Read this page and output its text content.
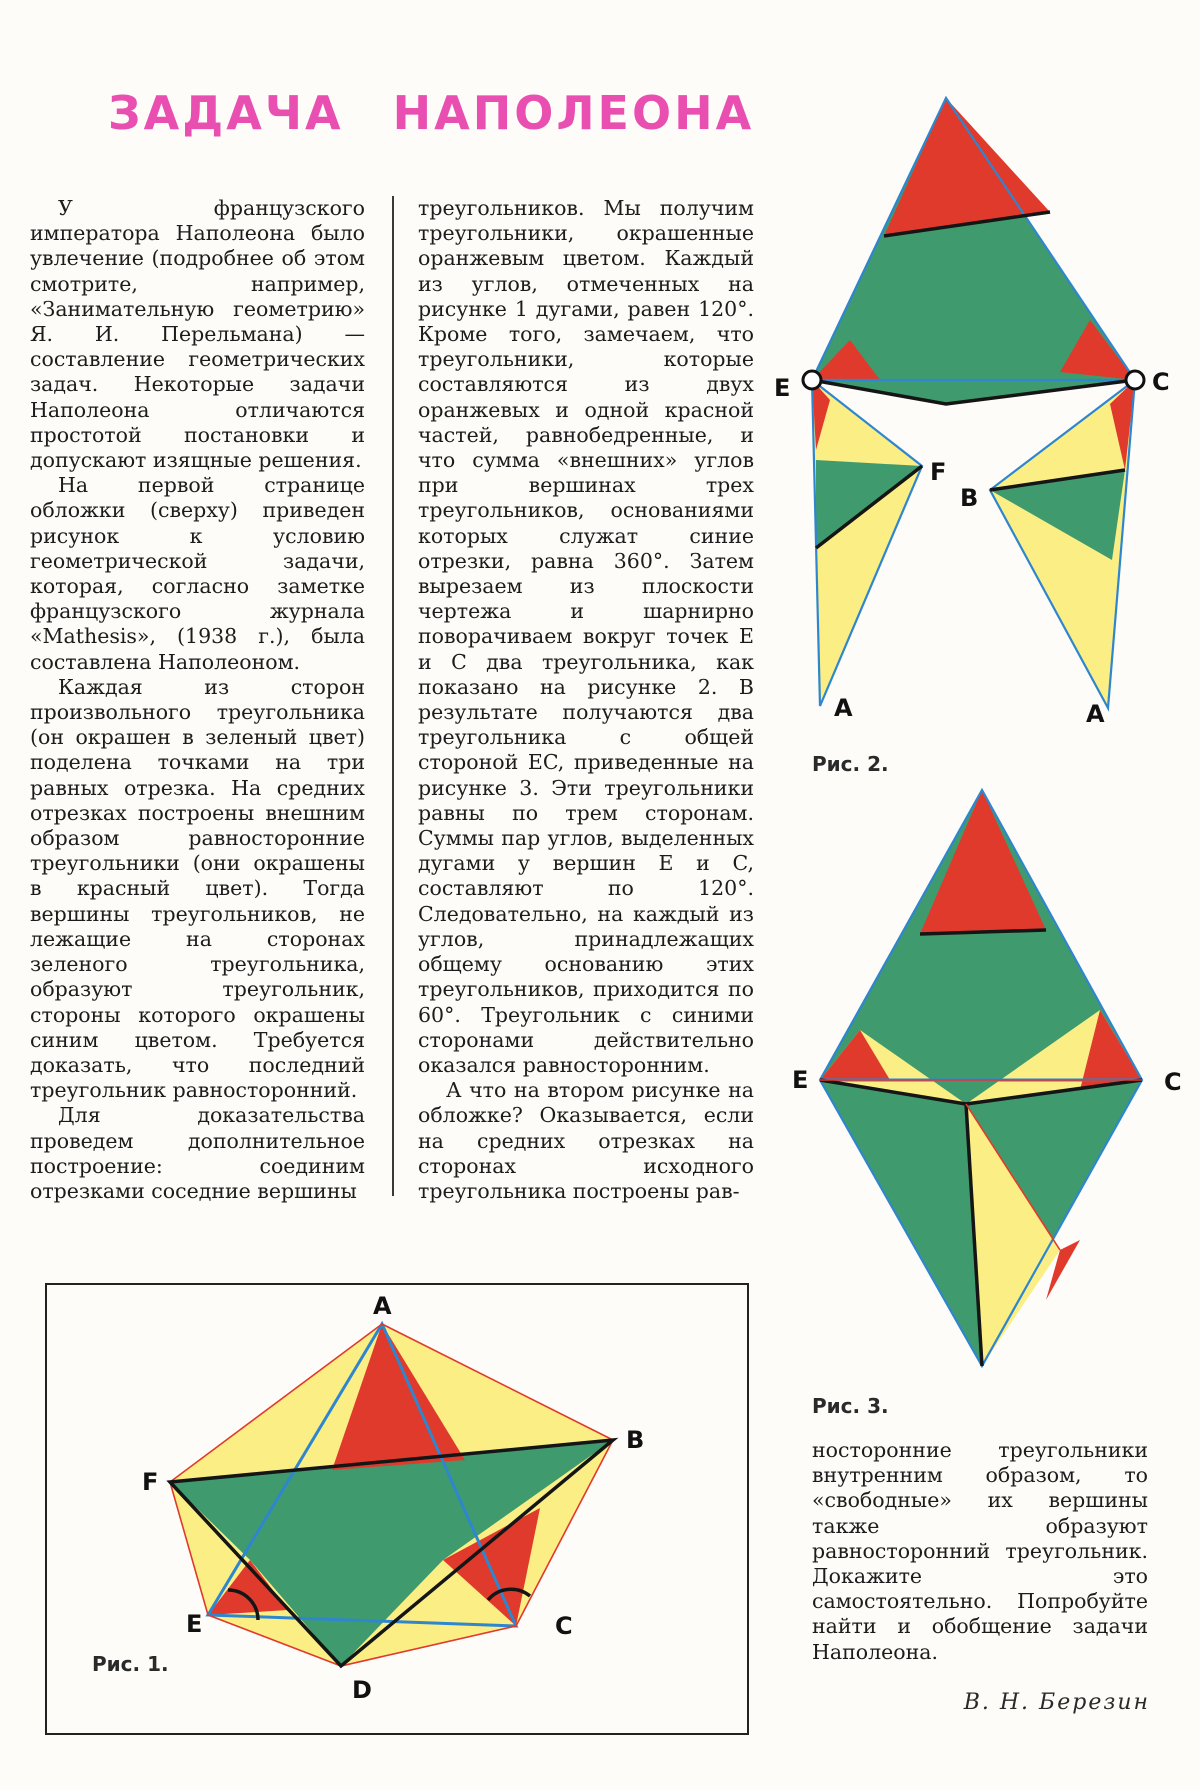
ЗАДАЧА НАПОЛЕОНА

У французского императора Наполеона было увлечение (подробнее об этом смотрите, например, «Занимательную геометрию» Я. И. Перельмана) — составление геометрических задач. Некоторые задачи Наполеона отличаются простотой постановки и допускают изящные решения.

На первой странице обложки (сверху) приведен рисунок к условию геометрической задачи, которая, согласно заметке французского журнала «Mathesis», (1938 г.), была составлена Наполеоном.

Каждая из сторон произвольного треугольника (он окрашен в зеленый цвет) поделена точками на три равных отрезка. На средних отрезках построены внешним образом равносторонние треугольники (они окрашены в красный цвет). Тогда вершины треугольников, не лежащие на сторонах зеленого треугольника, образуют треугольник, стороны которого окрашены синим цветом. Требуется доказать, что последний треугольник равносторонний.

Для доказательства проведем дополнительное построение: соединим отрезками соседние вершины

треугольников. Мы получим треугольники, окрашенные оранжевым цветом. Каждый из углов, отмеченных на рисунке 1 дугами, равен 120°. Кроме того, замечаем, что треугольники, которые составляются из двух оранжевых и одной красной частей, равнобедренные, и что сумма «внешних» углов при вершинах трех треугольников, основаниями которых служат синие отрезки, равна 360°. Затем вырезаем из плоскости чертежа и шарнирно поворачиваем вокруг точек E и C два треугольника, как показано на рисунке 2. В результате получаются два треугольника с общей стороной EC, приведенные на рисунке 3. Эти треугольники равны по трем сторонам. Суммы пар углов, выделенных дугами у вершин E и C, составляют по 120°. Следовательно, на каждый из углов, принадлежащих общему основанию этих треугольников, приходится по 60°. Треугольник с синими сторонами действительно оказался равносторонним.

А что на втором рисунке на обложке? Оказывается, если на средних отрезках на сторонах исходного треугольника построены рав-

носторонние треугольники внутренним образом, то «свободные» их вершины также образуют равносторонний треугольник. Докажите это самостоятельно. Попробуйте найти и обобщение задачи Наполеона.

В. Н. Березин
A
B
C
D
E
F
Рис. 1.
E	C
F
B
A	A
Рис. 2.
E	C
Рис. 3.
